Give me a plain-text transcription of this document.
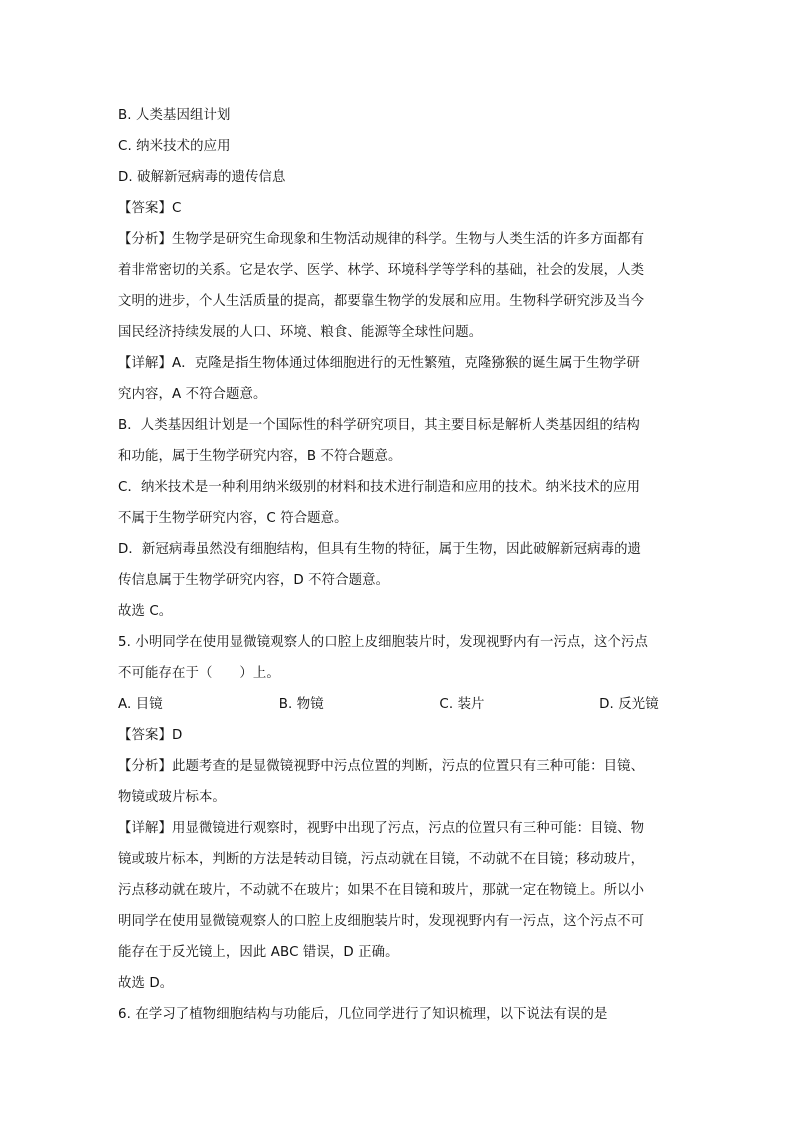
B. 人类基因组计划
C. 纳米技术的应用
D. 破解新冠病毒的遗传信息
【答案】C
【分析】生物学是研究生命现象和生物活动规律的科学。生物与人类生活的许多方面都有
着非常密切的关系。它是农学、医学、林学、环境科学等学科的基础，社会的发展，人类
文明的进步，个人生活质量的提高，都要靠生物学的发展和应用。生物科学研究涉及当今
国民经济持续发展的人口、环境、粮食、能源等全球性问题。
【详解】A．克隆是指生物体通过体细胞进行的无性繁殖，克隆猕猴的诞生属于生物学研
究内容，A 不符合题意。
B．人类基因组计划是一个国际性的科学研究项目，其主要目标是解析人类基因组的结构
和功能，属于生物学研究内容，B 不符合题意。
C．纳米技术是一种利用纳米级别的材料和技术进行制造和应用的技术。纳米技术的应用
不属于生物学研究内容，C 符合题意。
D．新冠病毒虽然没有细胞结构，但具有生物的特征，属于生物，因此破解新冠病毒的遗
传信息属于生物学研究内容，D 不符合题意。
故选 C。
5. 小明同学在使用显微镜观察人的口腔上皮细胞装片时，发现视野内有一污点，这个污点
不可能存在于（　　）上。
A. 目镜	B. 物镜	C. 装片	D. 反光镜
【答案】D
【分析】此题考查的是显微镜视野中污点位置的判断，污点的位置只有三种可能：目镜、
物镜或玻片标本。
【详解】用显微镜进行观察时，视野中出现了污点，污点的位置只有三种可能：目镜、物
镜或玻片标本，判断的方法是转动目镜，污点动就在目镜，不动就不在目镜；移动玻片，
污点移动就在玻片，不动就不在玻片；如果不在目镜和玻片，那就一定在物镜上。所以小
明同学在使用显微镜观察人的口腔上皮细胞装片时，发现视野内有一污点，这个污点不可
能存在于反光镜上，因此 ABC 错误，D 正确。
故选 D。
6. 在学习了植物细胞结构与功能后，几位同学进行了知识梳理，以下说法有误的是
